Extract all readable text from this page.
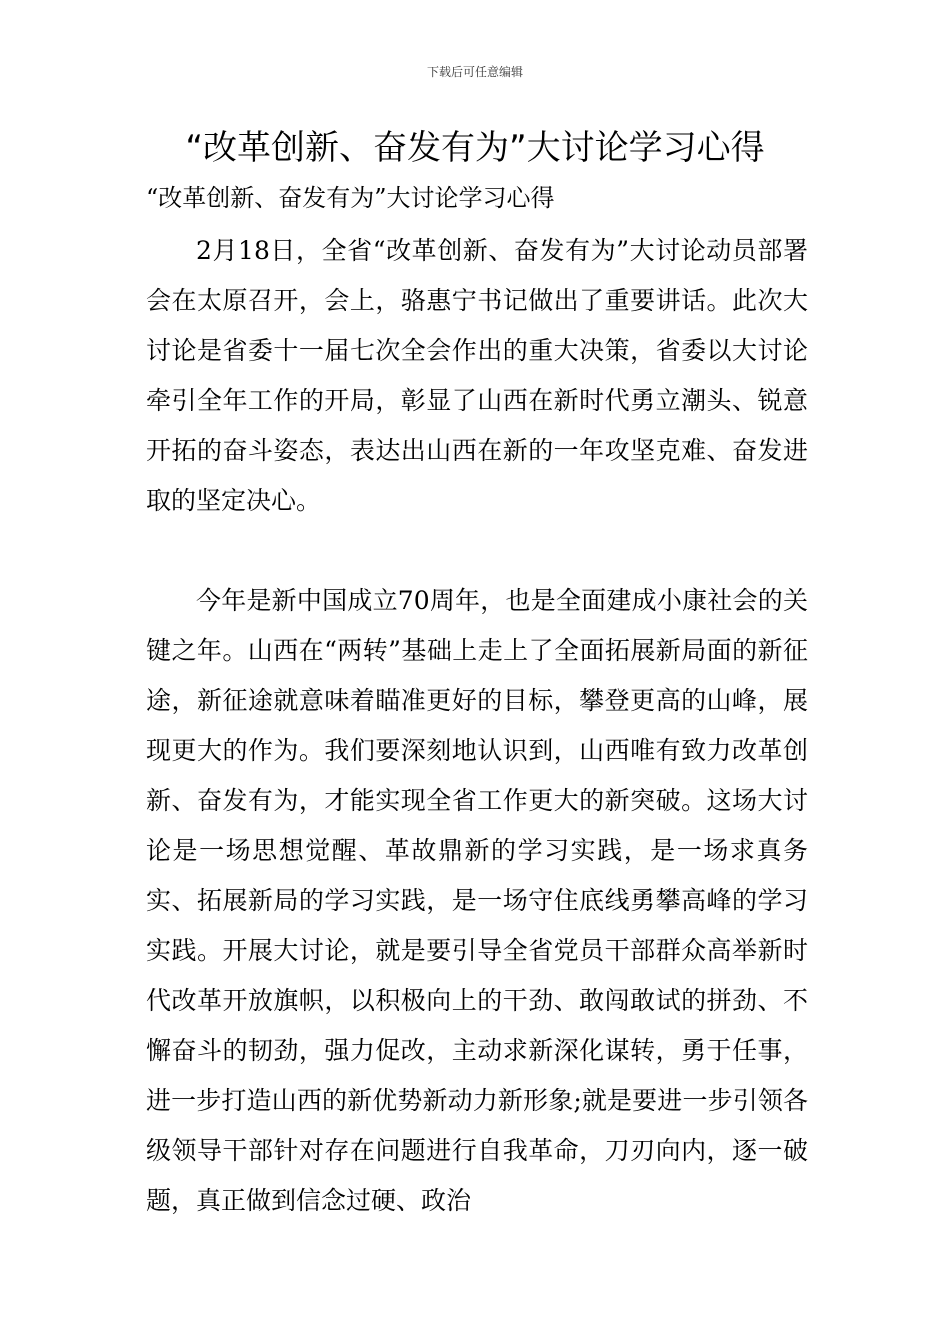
下载后可任意编辑
“改革创新、奋发有为”大讨论学习心得
“改革创新、奋发有为”大讨论学习心得

2月18日，全省“改革创新、奋发有为”大讨论动员部署会在太原召开，会上，骆惠宁书记做出了重要讲话。此次大讨论是省委十一届七次全会作出的重大决策，省委以大讨论牵引全年工作的开局，彰显了山西在新时代勇立潮头、锐意开拓的奋斗姿态，表达出山西在新的一年攻坚克难、奋发进取的坚定决心。

今年是新中国成立70周年，也是全面建成小康社会的关键之年。山西在“两转”基础上走上了全面拓展新局面的新征途，新征途就意味着瞄准更好的目标，攀登更高的山峰，展现更大的作为。我们要深刻地认识到，山西唯有致力改革创新、奋发有为，才能实现全省工作更大的新突破。这场大讨论是一场思想觉醒、革故鼎新的学习实践，是一场求真务实、拓展新局的学习实践，是一场守住底线勇攀高峰的学习实践。开展大讨论，就是要引导全省党员干部群众高举新时代改革开放旗帜，以积极向上的干劲、敢闯敢试的拼劲、不懈奋斗的韧劲，强力促改，主动求新深化谋转，勇于任事，进一步打造山西的新优势新动力新形象;就是要进一步引领各级领导干部针对存在问题进行自我革命，刀刃向内，逐一破题，真正做到信念过硬、政治
